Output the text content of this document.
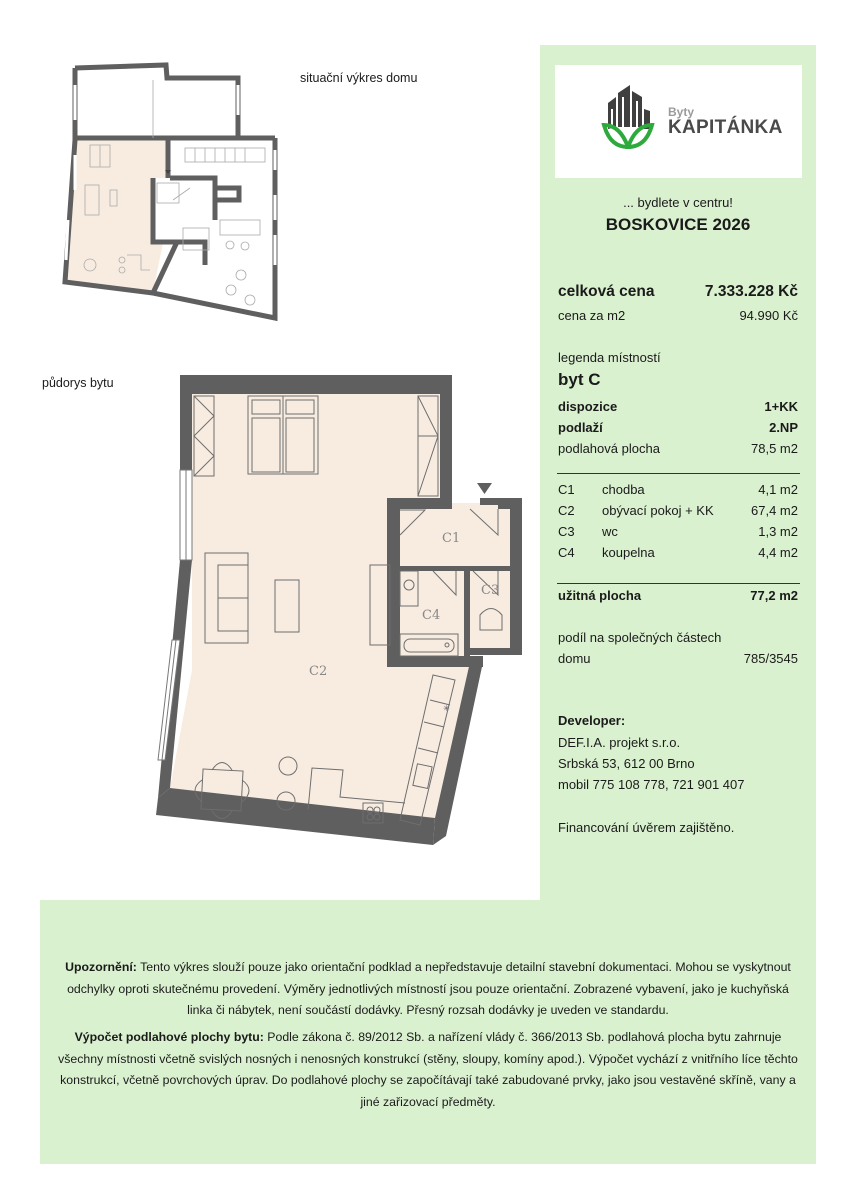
situační výkres domu
půdorys bytu
✳
C1
C2
C3
C4
Byty
KAPITÁNKA
... bydlete v centru!
BOSKOVICE 2026
celková cena	7.333.228 Kč
cena za m2	94.990 Kč
legenda místností
byt C
dispozice	1+KK
podlaží	2.NP
podlahová plocha	78,5 m2
C1 chodba	4,1 m2
C2 obývací pokoj + KK	67,4 m2
C3 wc	1,3 m2
C4 koupelna	4,4 m2
užitná plocha	77,2 m2
podíl na společných částech
domu	785/3545
Developer:
DEF.I.A. projekt s.r.o.
Srbská 53, 612 00 Brno
mobil 775 108 778, 721 901 407
Financování úvěrem zajištěno.

Upozornění: Tento výkres slouží pouze jako orientační podklad a nepředstavuje detailní stavební dokumentaci. Mohou se vyskytnout odchylky oproti skutečnému provedení. Výměry jednotlivých místností jsou pouze orientační. Zobrazené vybavení, jako je kuchyňská linka či nábytek, není součástí dodávky. Přesný rozsah dodávky je uveden ve standardu.

Výpočet podlahové plochy bytu: Podle zákona č. 89/2012 Sb. a nařízení vlády č. 366/2013 Sb. podlahová plocha bytu zahrnuje všechny místnosti včetně svislých nosných i nenosných konstrukcí (stěny, sloupy, komíny apod.). Výpočet vychází z vnitřního líce těchto konstrukcí, včetně povrchových úprav. Do podlahové plochy se započítávají také zabudované prvky, jako jsou vestavěné skříně, vany a jiné zařizovací předměty.
